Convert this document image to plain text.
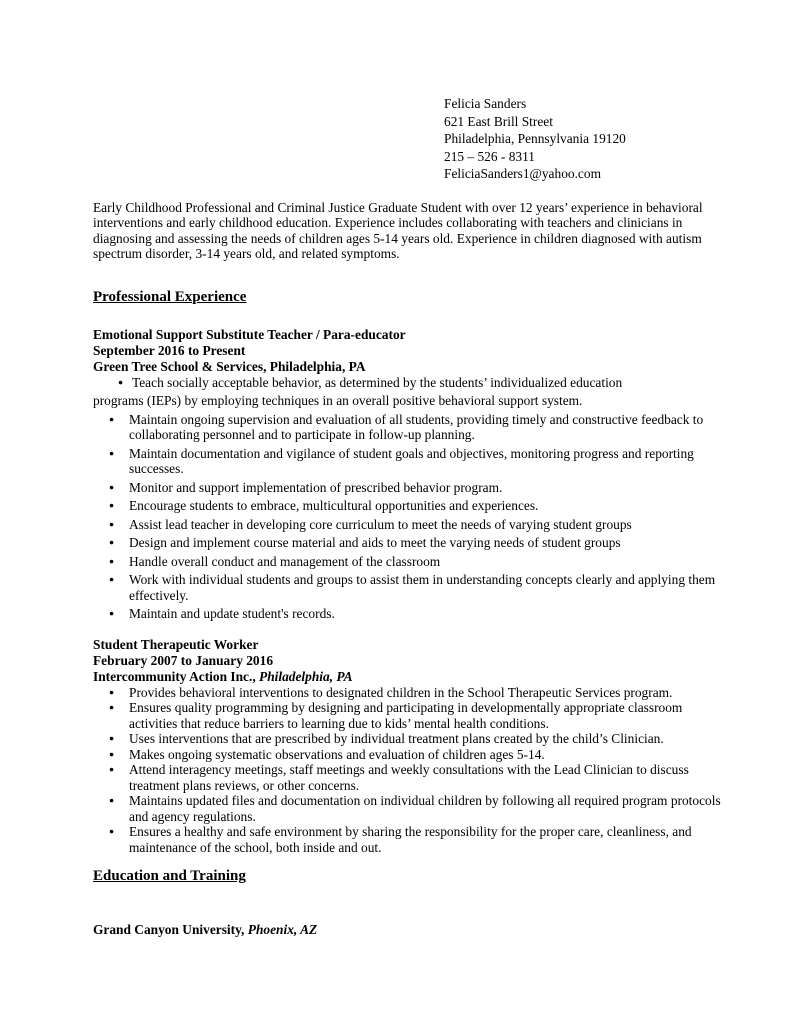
Felicia Sanders
621 East Brill Street
Philadelphia, Pennsylvania 19120
215 – 526 - 8311
FeliciaSanders1@yahoo.com

Early Childhood Professional and Criminal Justice Graduate Student with over 12 years’ experience in behavioral interventions and early childhood education. Experience includes collaborating with teachers and clinicians in diagnosing and assessing the needs of children ages 5-14 years old. Experience in children diagnosed with autism spectrum disorder, 3-14 years old, and related symptoms.

Professional Experience
Emotional Support Substitute Teacher / Para-educator
September 2016 to Present
Green Tree School & Services, Philadelphia, PA
● Teach socially acceptable behavior, as determined by the students’ individualized education
programs (IEPs) by employing techniques in an overall positive behavioral support system.
●	Maintain ongoing supervision and evaluation of all students, providing timely and constructive feedback to collaborating personnel and to participate in follow-up planning.
●	Maintain documentation and vigilance of student goals and objectives, monitoring progress and reporting successes.
●	Monitor and support implementation of prescribed behavior program.
●	Encourage students to embrace, multicultural opportunities and experiences.
●	Assist lead teacher in developing core curriculum to meet the needs of varying student groups
●	Design and implement course material and aids to meet the varying needs of student groups
●	Handle overall conduct and management of the classroom
●	Work with individual students and groups to assist them in understanding concepts clearly and applying them effectively.
●	Maintain and update student's records.
Student Therapeutic Worker
February 2007 to January 2016
Intercommunity Action Inc., Philadelphia, PA
●	Provides behavioral interventions to designated children in the School Therapeutic Services program.
●	Ensures quality programming by designing and participating in developmentally appropriate classroom activities that reduce barriers to learning due to kids’ mental health conditions.
●	Uses interventions that are prescribed by individual treatment plans created by the child’s Clinician.
●	Makes ongoing systematic observations and evaluation of children ages 5-14.
●	Attend interagency meetings, staff meetings and weekly consultations with the Lead Clinician to discuss treatment plans reviews, or other concerns.
●	Maintains updated files and documentation on individual children by following all required program protocols and agency regulations.
●	Ensures a healthy and safe environment by sharing the responsibility for the proper care, cleanliness, and maintenance of the school, both inside and out.
Education and Training
Grand Canyon University, Phoenix, AZ
